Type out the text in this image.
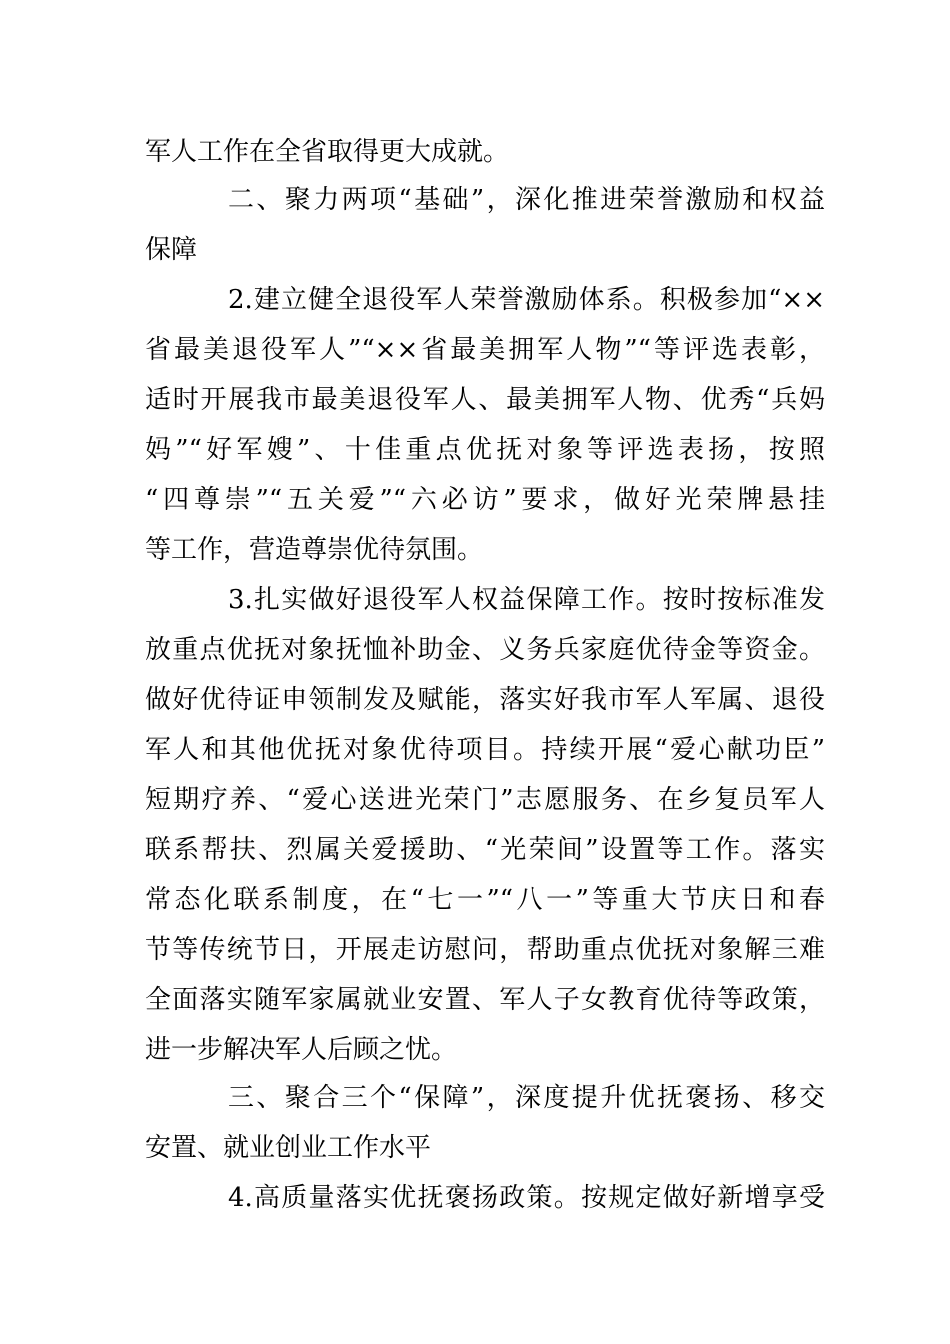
军人工作在全省取得更大成就。
二、聚力两项“基础”，深化推进荣誉激励和权益
保障
2.建立健全退役军人荣誉激励体系。积极参加“××
省最美退役军人”“××省最美拥军人物”“等评选表彰，
适时开展我市最美退役军人、最美拥军人物、优秀“兵妈
妈”“好军嫂”、十佳重点优抚对象等评选表扬，按照
“四尊崇”“五关爱”“六必访”要求，做好光荣牌悬挂
等工作，营造尊崇优待氛围。
3.扎实做好退役军人权益保障工作。按时按标准发
放重点优抚对象抚恤补助金、义务兵家庭优待金等资金。
做好优待证申领制发及赋能，落实好我市军人军属、退役
军人和其他优抚对象优待项目。持续开展“爱心献功臣”
短期疗养、“爱心送进光荣门”志愿服务、在乡复员军人
联系帮扶、烈属关爱援助、“光荣间”设置等工作。落实
常态化联系制度，在“七一”“八一”等重大节庆日和春
节等传统节日，开展走访慰问，帮助重点优抚对象解三难
全面落实随军家属就业安置、军人子女教育优待等政策，
进一步解决军人后顾之忧。
三、聚合三个“保障”，深度提升优抚褒扬、移交
安置、就业创业工作水平
4.高质量落实优抚褒扬政策。按规定做好新增享受
